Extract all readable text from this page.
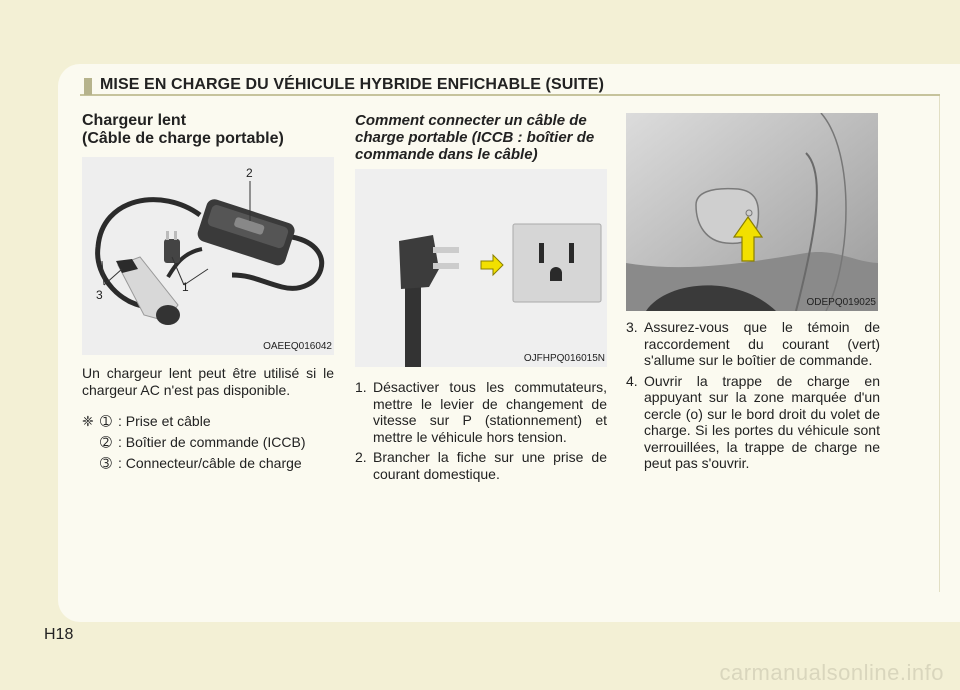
MISE EN CHARGE DU VÉHICULE HYBRIDE ENFICHABLE (SUITE)
Chargeur lent
(Câble de charge portable)
2
3
1
OAEEQ016042

Un chargeur lent peut être utilisé si le chargeur AC n'est pas disponible.

❈ ➀ : Prise et câble
➁ : Boîtier de commande (ICCB)
➂ : Connecteur/câble de charge
Comment connecter un câble de
charge portable (ICCB : boîtier de
commande dans le câble)
OJFHPQ016015N
1. Désactiver tous les commutateurs, mettre le levier de changement de vitesse sur P (stationnement) et mettre le véhicule hors tension.
2. Brancher la fiche sur une prise de courant domestique.
ODEPQ019025
3. Assurez-vous que le témoin de raccordement du courant (vert) s'allume sur le boîtier de commande.
4. Ouvrir la trappe de charge en appuyant sur la zone marquée d'un cercle (o) sur le bord droit du volet de charge. Si les portes du véhicule sont verrouillées, la trappe de charge ne peut pas s'ouvrir.
H18
carmanualsonline.info
